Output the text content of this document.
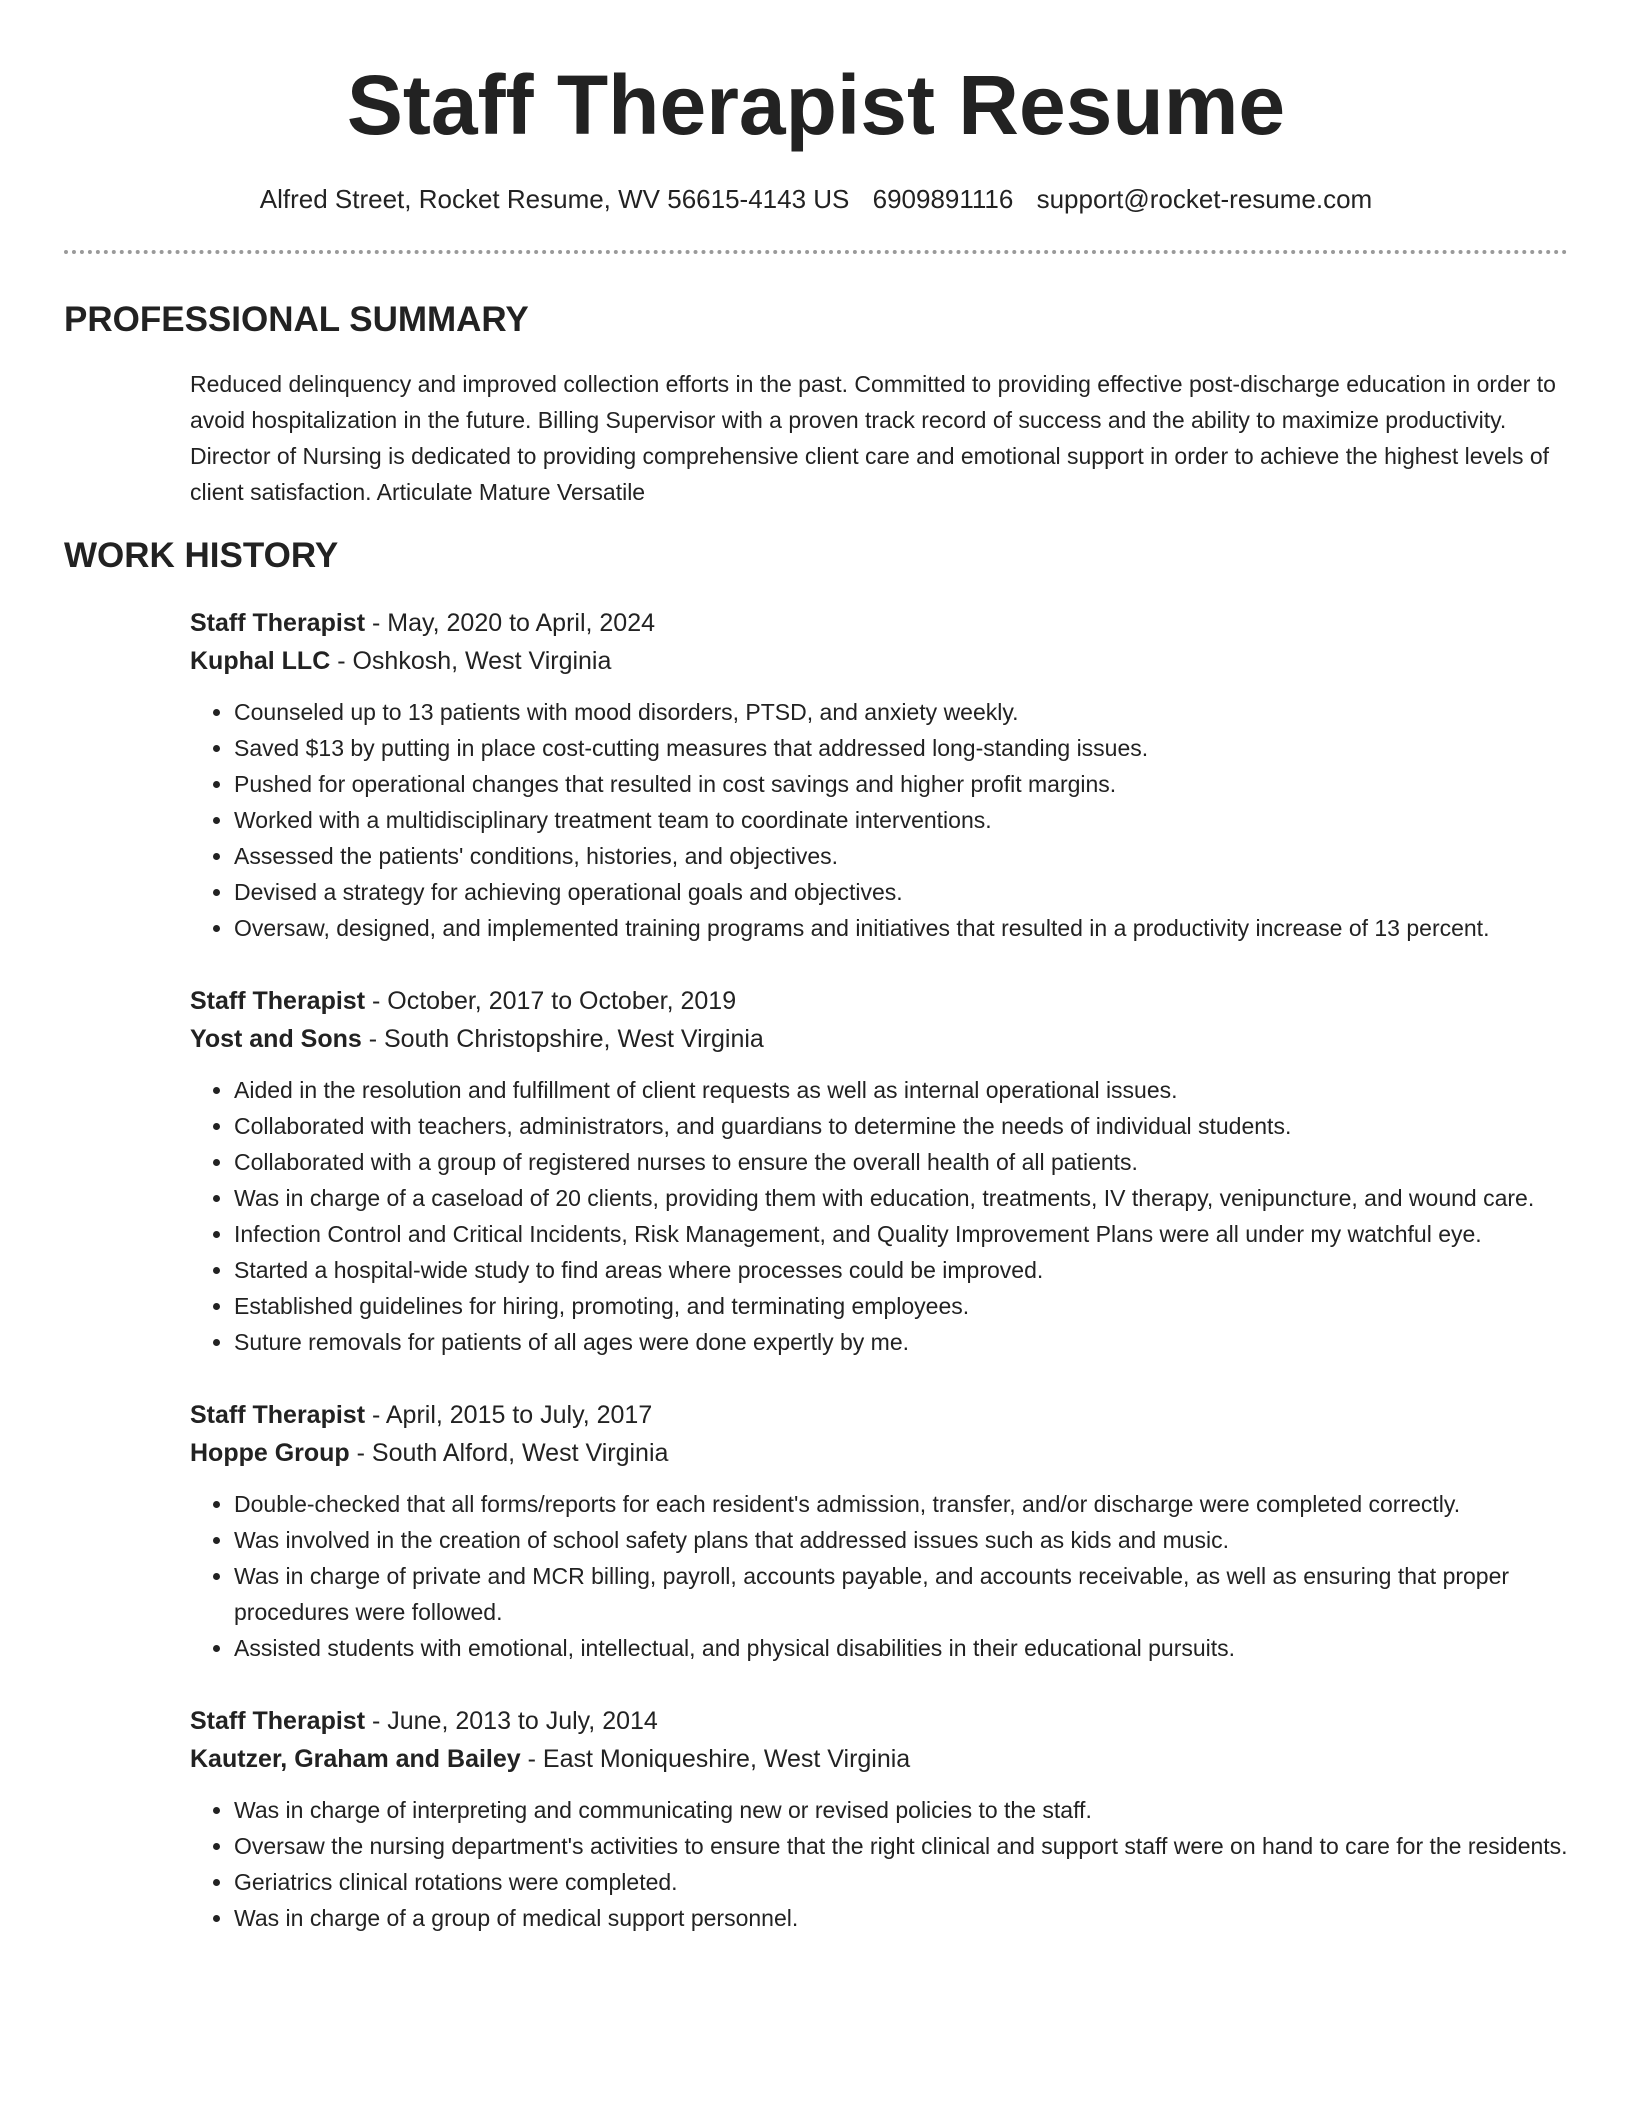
Staff Therapist Resume
Alfred Street, Rocket Resume, WV 56615-4143 US 6909891116 support@rocket-resume.com
PROFESSIONAL SUMMARY

Reduced delinquency and improved collection efforts in the past. Committed to providing effective post-discharge education in order to avoid hospitalization in the future. Billing Supervisor with a proven track record of success and the ability to maximize productivity. Director of Nursing is dedicated to providing comprehensive client care and emotional support in order to achieve the highest levels of client satisfaction. Articulate Mature Versatile

WORK HISTORY
Staff Therapist - May, 2020 to April, 2024
Kuphal LLC - Oshkosh, West Virginia
• Counseled up to 13 patients with mood disorders, PTSD, and anxiety weekly.
• Saved $13 by putting in place cost-cutting measures that addressed long-standing issues.
• Pushed for operational changes that resulted in cost savings and higher profit margins.
• Worked with a multidisciplinary treatment team to coordinate interventions.
• Assessed the patients' conditions, histories, and objectives.
• Devised a strategy for achieving operational goals and objectives.
• Oversaw, designed, and implemented training programs and initiatives that resulted in a productivity increase of 13 percent.
Staff Therapist - October, 2017 to October, 2019
Yost and Sons - South Christopshire, West Virginia
• Aided in the resolution and fulfillment of client requests as well as internal operational issues.
• Collaborated with teachers, administrators, and guardians to determine the needs of individual students.
• Collaborated with a group of registered nurses to ensure the overall health of all patients.
• Was in charge of a caseload of 20 clients, providing them with education, treatments, IV therapy, venipuncture, and wound care.
• Infection Control and Critical Incidents, Risk Management, and Quality Improvement Plans were all under my watchful eye.
• Started a hospital-wide study to find areas where processes could be improved.
• Established guidelines for hiring, promoting, and terminating employees.
• Suture removals for patients of all ages were done expertly by me.
Staff Therapist - April, 2015 to July, 2017
Hoppe Group - South Alford, West Virginia
• Double-checked that all forms/reports for each resident's admission, transfer, and/or discharge were completed correctly.
• Was involved in the creation of school safety plans that addressed issues such as kids and music.
• Was in charge of private and MCR billing, payroll, accounts payable, and accounts receivable, as well as ensuring that proper procedures were followed.
• Assisted students with emotional, intellectual, and physical disabilities in their educational pursuits.
Staff Therapist - June, 2013 to July, 2014
Kautzer, Graham and Bailey - East Moniqueshire, West Virginia
• Was in charge of interpreting and communicating new or revised policies to the staff.
• Oversaw the nursing department's activities to ensure that the right clinical and support staff were on hand to care for the residents.
• Geriatrics clinical rotations were completed.
• Was in charge of a group of medical support personnel.
